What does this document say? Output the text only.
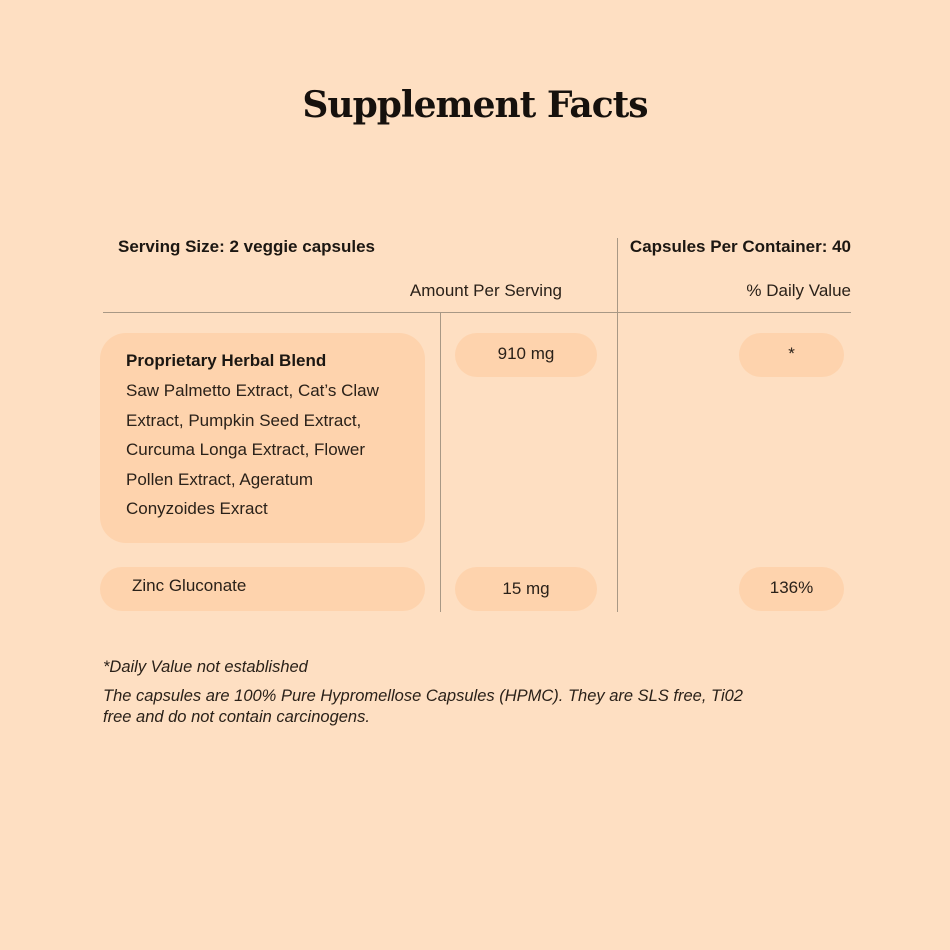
Supplement Facts
Serving Size: 2 veggie capsules	Capsules Per Container: 40
Amount Per Serving	% Daily Value
Proprietary Herbal Blend
Saw Palmetto Extract, Cat’s Claw Extract, Pumpkin Seed Extract, Curcuma Longa Extract, Flower Pollen Extract, Ageratum Conyzoides Exract
910 mg	*
Zinc Gluconate	15 mg	136%
*Daily Value not established
The capsules are 100% Pure Hypromellose Capsules (HPMC). They are SLS free, Ti02 free and do not contain carcinogens.
